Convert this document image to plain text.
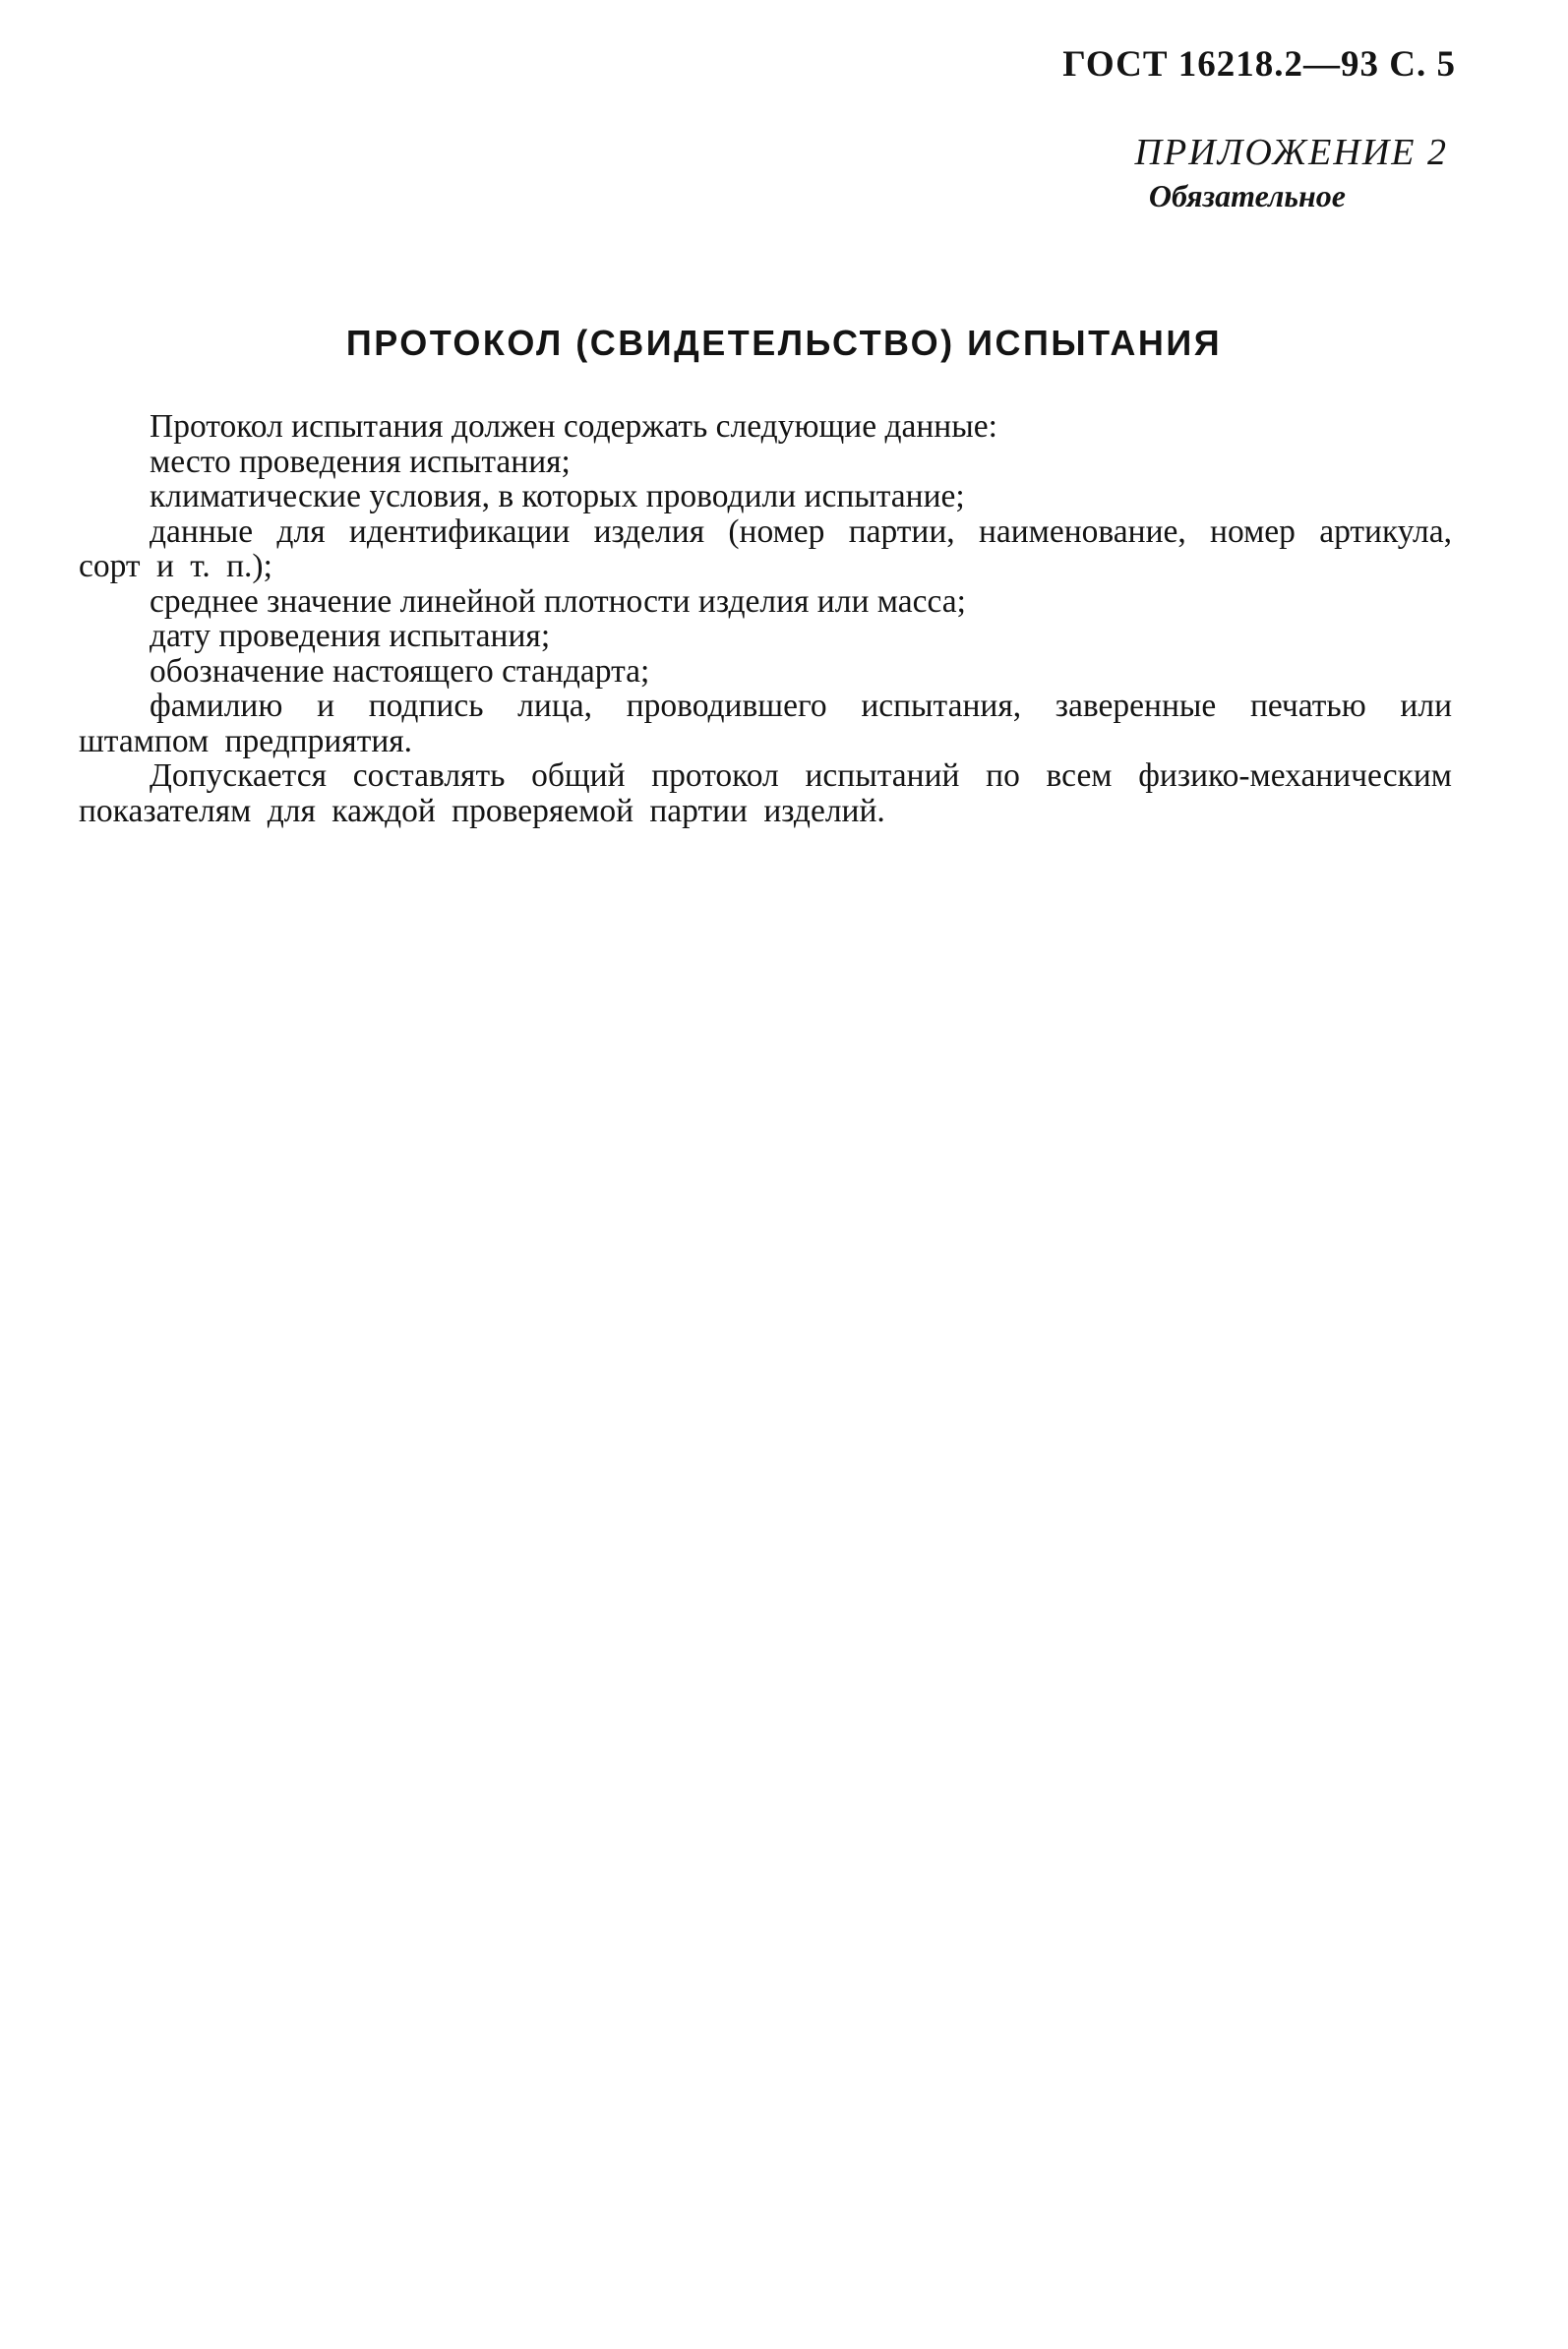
ГОСТ 16218.2—93 С. 5
ПРИЛОЖЕНИЕ 2
Обязательное
ПРОТОКОЛ (СВИДЕТЕЛЬСТВО) ИСПЫТАНИЯ

Протокол испытания должен содержать следующие данные:

место проведения испытания;

климатические условия, в которых проводили испытание;

данные для идентификации изделия (номер партии, наименование, номер артикула, сорт и т. п.);

среднее значение линейной плотности изделия или масса;

дату проведения испытания;

обозначение настоящего стандарта;

фамилию и подпись лица, проводившего испытания, заверенные печатью или штампом предприятия.

Допускается составлять общий протокол испытаний по всем физико-механическим показателям для каждой проверяемой партии изделий.
